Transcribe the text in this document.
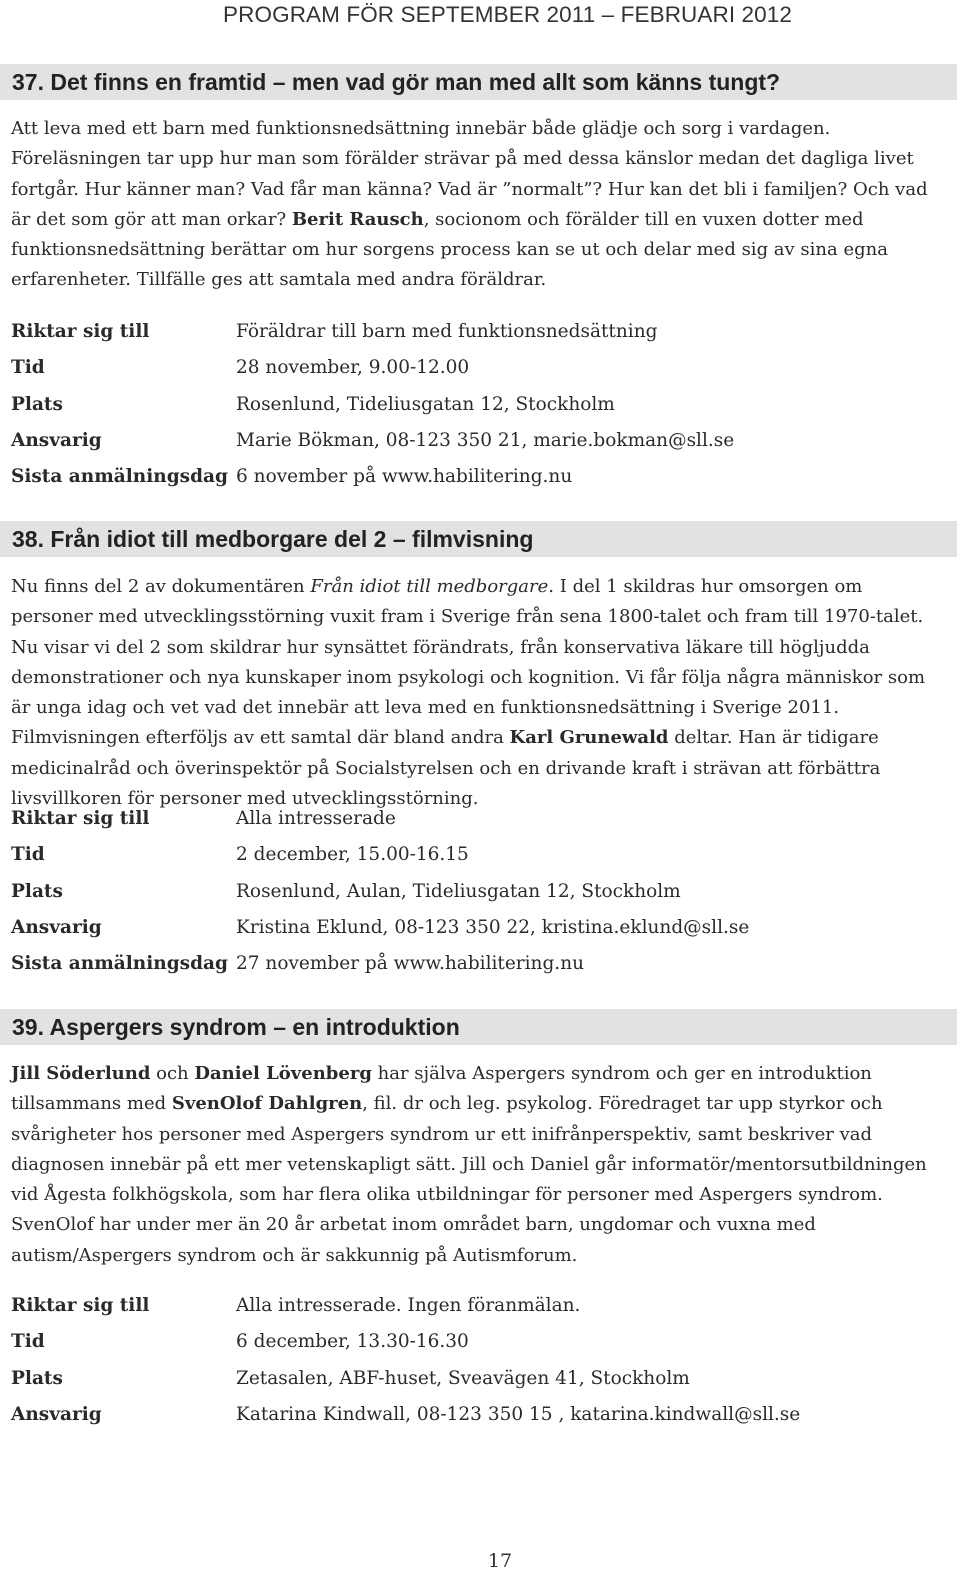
PROGRAM FÖR SEPTEMBER 2011 – FEBRUARI 2012
37. Det finns en framtid – men vad gör man med allt som känns tungt?
Att leva med ett barn med funktionsnedsättning innebär både glädje och sorg i vardagen. Föreläsningen tar upp hur man som förälder strävar på med dessa känslor medan det dagliga livet fortgår. Hur känner man? Vad får man känna? Vad är ”normalt”? Hur kan det bli i familjen? Och vad är det som gör att man orkar? Berit Rausch, socionom och förälder till en vuxen dotter med funktionsnedsättning berättar om hur sorgens process kan se ut och delar med sig av sina egna erfarenheter. Tillfälle ges att samtala med andra föräldrar.
Riktar sig till	Föräldrar till barn med funktionsnedsättning
Tid	28 november, 9.00-12.00
Plats	Rosenlund, Tideliusgatan 12, Stockholm
Ansvarig	Marie Bökman, 08-123 350 21, marie.bokman@sll.se
Sista anmälningsdag 6 november på www.habilitering.nu
38. Från idiot till medborgare del 2 – filmvisning
Nu finns del 2 av dokumentären Från idiot till medborgare. I del 1 skildras hur omsorgen om personer med utvecklingsstörning vuxit fram i Sverige från sena 1800-talet och fram till 1970-talet. Nu visar vi del 2 som skildrar hur synsättet förändrats, från konservativa läkare till högljudda demonstrationer och nya kunskaper inom psykologi och kognition. Vi får följa några människor som är unga idag och vet vad det innebär att leva med en funktionsnedsättning i Sverige 2011. Filmvisningen efterföljs av ett samtal där bland andra Karl Grunewald deltar. Han är tidigare medicinalråd och överinspektör på Socialstyrelsen och en drivande kraft i strävan att förbättra livsvillkoren för personer med utvecklingsstörning.
Riktar sig till	Alla intresserade
Tid	2 december, 15.00-16.15
Plats	Rosenlund, Aulan, Tideliusgatan 12, Stockholm
Ansvarig	Kristina Eklund, 08-123 350 22, kristina.eklund@sll.se
Sista anmälningsdag 27 november på www.habilitering.nu
39. Aspergers syndrom – en introduktion
Jill Söderlund och Daniel Lövenberg har själva Aspergers syndrom och ger en introduktion tillsammans med SvenOlof Dahlgren, fil. dr och leg. psykolog. Föredraget tar upp styrkor och svårigheter hos personer med Aspergers syndrom ur ett inifrånperspektiv, samt beskriver vad diagnosen innebär på ett mer vetenskapligt sätt. Jill och Daniel går informatör/mentorsutbildningen vid Ågesta folkhögskola, som har flera olika utbildningar för personer med Aspergers syndrom. SvenOlof har under mer än 20 år arbetat inom området barn, ungdomar och vuxna med autism/Aspergers syndrom och är sakkunnig på Autismforum.
Riktar sig till	Alla intresserade. Ingen föranmälan.
Tid	6 december, 13.30-16.30
Plats	Zetasalen, ABF-huset, Sveavägen 41, Stockholm
Ansvarig	Katarina Kindwall, 08-123 350 15 , katarina.kindwall@sll.se
17
